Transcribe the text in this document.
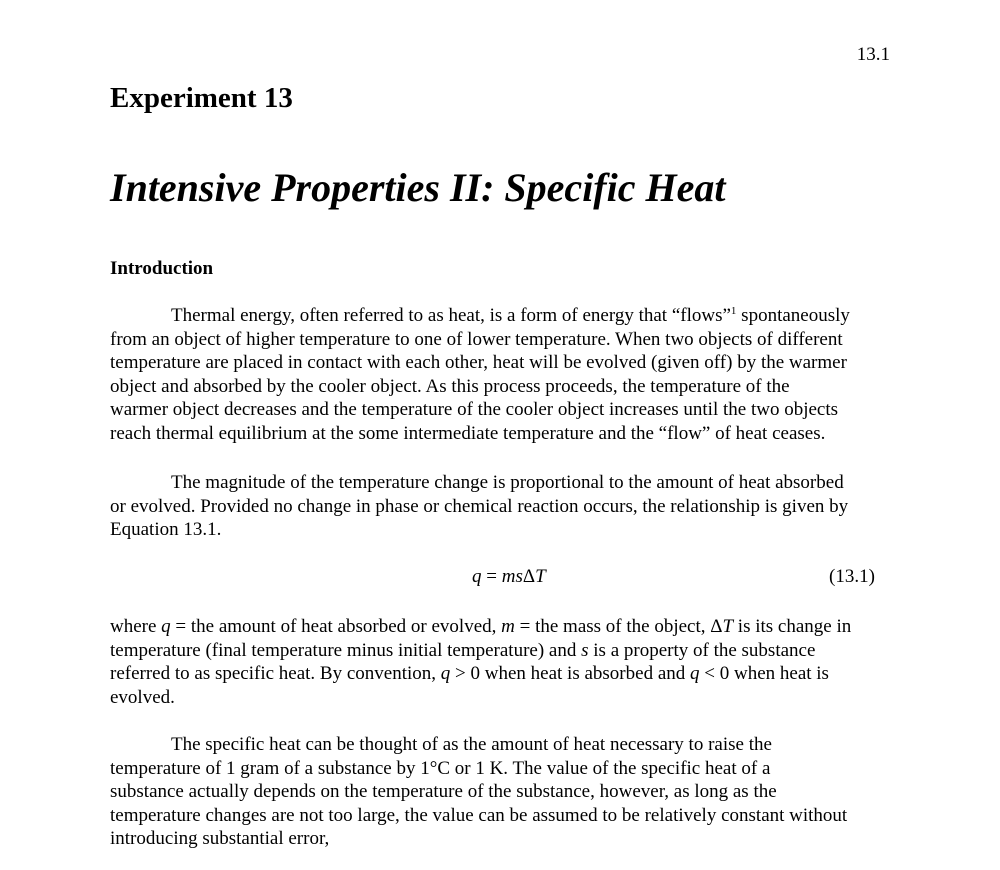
13.1
Experiment 13
Intensive Properties II: Specific Heat
Introduction

Thermal energy, often referred to as heat, is a form of energy that “flows”$^1$ spontaneously
from an object of higher temperature to one of lower temperature. When two objects of different
temperature are placed in contact with each other, heat will be evolved (given off) by the warmer
object and absorbed by the cooler object. As this process proceeds, the temperature of the
warmer object decreases and the temperature of the cooler object increases until the two objects
reach thermal equilibrium at the some intermediate temperature and the “flow” of heat ceases.

The magnitude of the temperature change is proportional to the amount of heat absorbed
or evolved. Provided no change in phase or chemical reaction occurs, the relationship is given by
Equation 13.1.

q = msΔT	(13.1)

where q = the amount of heat absorbed or evolved, m = the mass of the object, ΔT is its change in
temperature (final temperature minus initial temperature) and s is a property of the substance
referred to as specific heat. By convention, q > 0 when heat is absorbed and q < 0 when heat is
evolved.

The specific heat can be thought of as the amount of heat necessary to raise the
temperature of 1 gram of a substance by 1°C or 1 K. The value of the specific heat of a
substance actually depends on the temperature of the substance, however, as long as the
temperature changes are not too large, the value can be assumed to be relatively constant without
introducing substantial error,
